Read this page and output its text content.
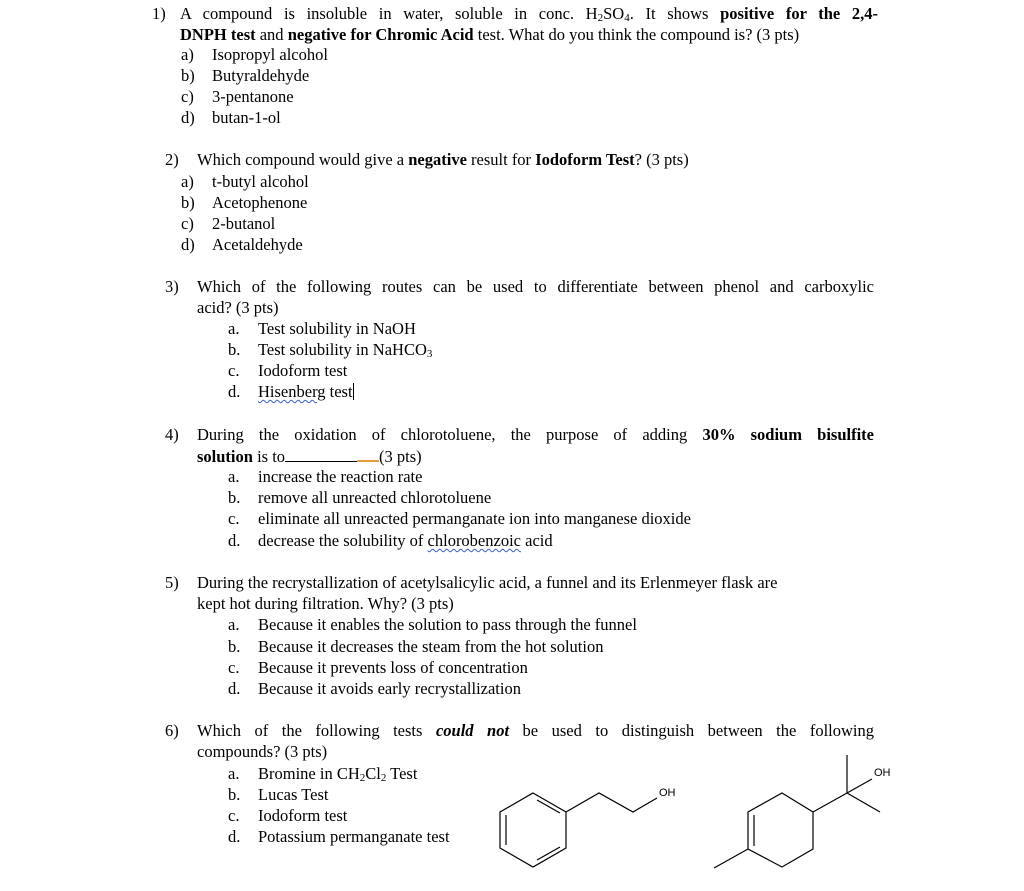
1) A compound is insoluble in water, soluble in conc. $H_2SO_4$. It shows positive for the 2,4-
DNPH test and negative for Chromic Acid test. What do you think the compound is? (3 pts)
a) Isopropyl alcohol
b) Butyraldehyde
c) 3-pentanone
d) butan-1-ol
2) Which compound would give a negative result for Iodoform Test? (3 pts)
a) t-butyl alcohol
b) Acetophenone
c) 2-butanol
d) Acetaldehyde
3) Which of the following routes can be used to differentiate between phenol and carboxylic
acid? (3 pts)
a. Test solubility in NaOH
b. Test solubility in NaHCO$_3$
c. Iodoform test
d. Hisenberg test
4) During the oxidation of chlorotoluene, the purpose of adding 30% sodium bisulfite
solution is to	(3 pts)
a. increase the reaction rate
b. remove all unreacted chlorotoluene
c. eliminate all unreacted permanganate ion into manganese dioxide
d. decrease the solubility of chlorobenzoic acid
5) During the recrystallization of acetylsalicylic acid, a funnel and its Erlenmeyer flask are
kept hot during filtration. Why? (3 pts)
a. Because it enables the solution to pass through the funnel
b. Because it decreases the steam from the hot solution
c. Because it prevents loss of concentration
d. Because it avoids early recrystallization
6) Which of the following tests could not be used to distinguish between the following
compounds? (3 pts)
a. Bromine in $CH_2Cl_2$ Test
b. Lucas Test
c. Iodoform test
d. Potassium permanganate test
OH
OH
